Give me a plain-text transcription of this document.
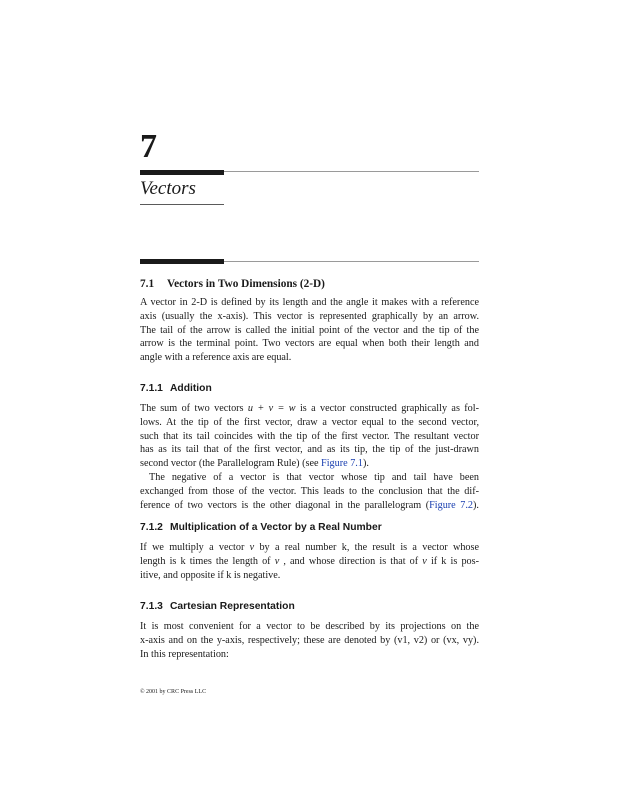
7
Vectors
7.1 Vectors in Two Dimensions (2-D)
A vector in 2-D is defined by its length and the angle it makes with a reference
axis (usually the x-axis). This vector is represented graphically by an arrow.
The tail of the arrow is called the initial point of the vector and the tip of the
arrow is the terminal point. Two vectors are equal when both their length and
angle with a reference axis are equal.
7.1.1 Addition
The sum of two vectors u + v = w is a vector constructed graphically as fol-
lows. At the tip of the first vector, draw a vector equal to the second vector,
such that its tail coincides with the tip of the first vector. The resultant vector
has as its tail that of the first vector, and as its tip, the tip of the just-drawn
second vector (the Parallelogram Rule) (see Figure 7.1).
The negative of a vector is that vector whose tip and tail have been
exchanged from those of the vector. This leads to the conclusion that the dif-
ference of two vectors is the other diagonal in the parallelogram (Figure 7.2).
7.1.2 Multiplication of a Vector by a Real Number
If we multiply a vector v by a real number k, the result is a vector whose
length is k times the length of v , and whose direction is that of v if k is pos-
itive, and opposite if k is negative.
7.1.3 Cartesian Representation
It is most convenient for a vector to be described by its projections on the
x-axis and on the y-axis, respectively; these are denoted by (v1, v2) or (vx, vy).
In this representation:
© 2001 by CRC Press LLC
